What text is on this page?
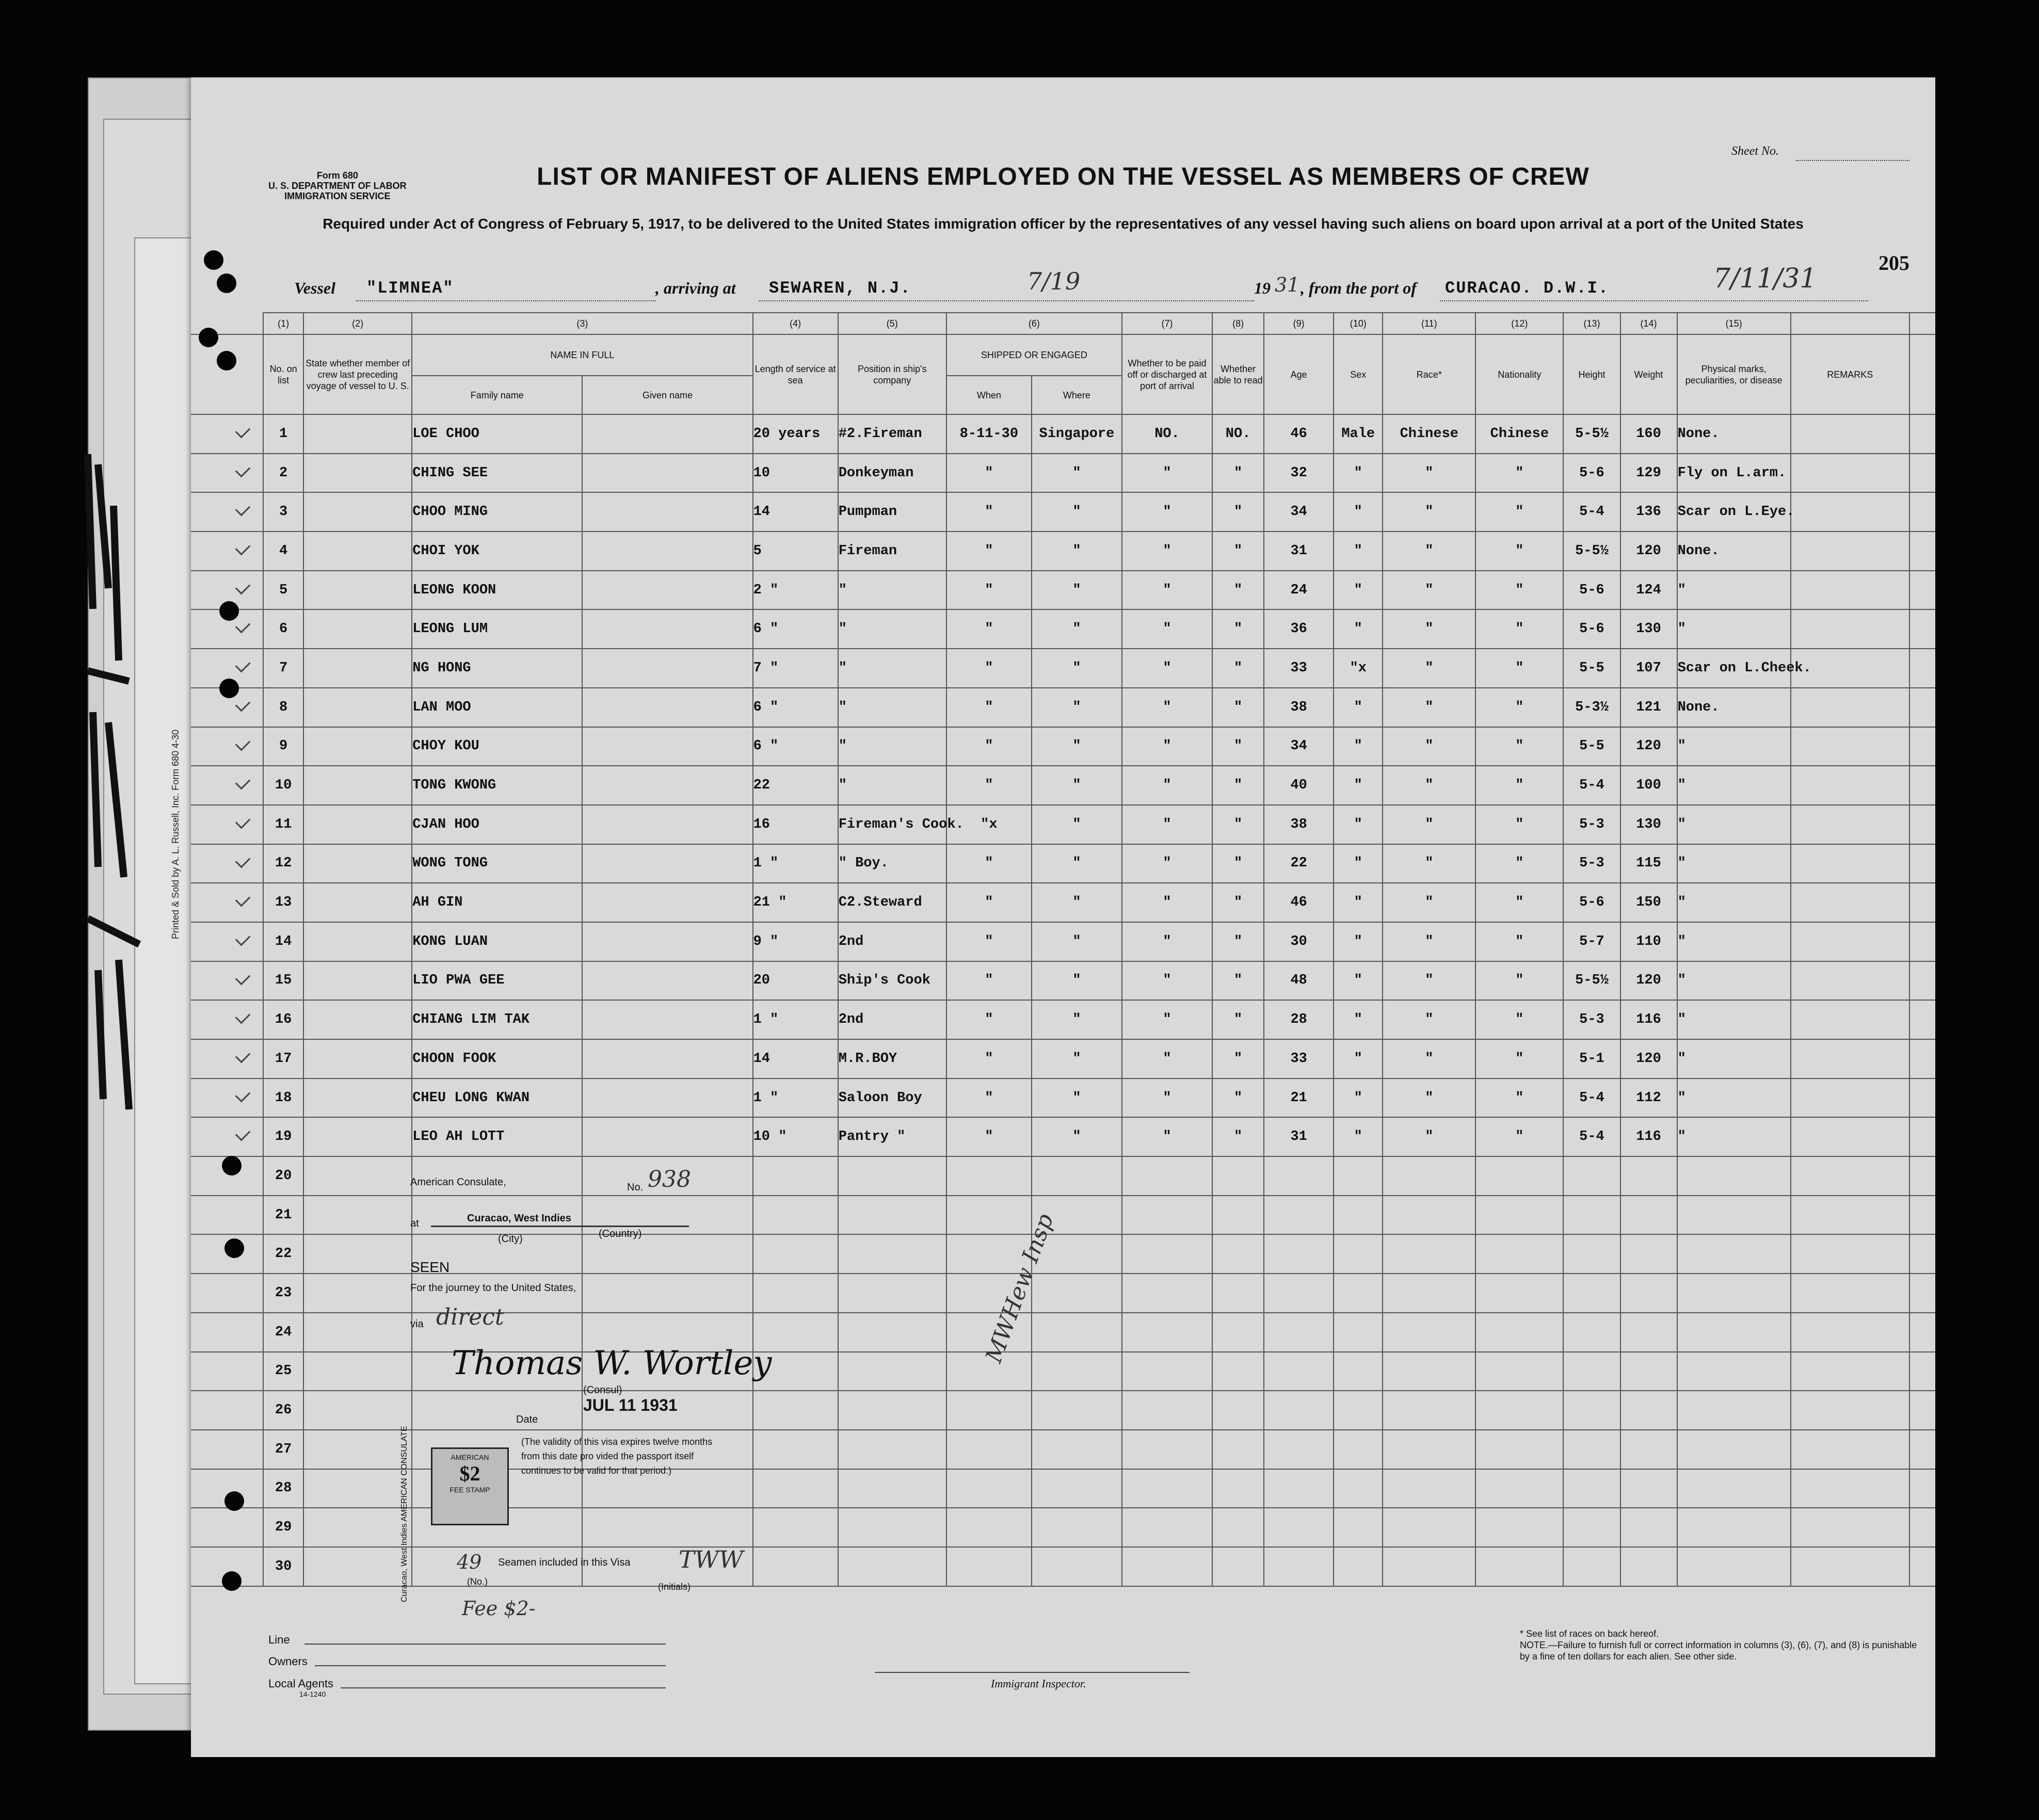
Form 680
U. S. DEPARTMENT OF LABOR
IMMIGRATION SERVICE
Sheet No.
LIST OR MANIFEST OF ALIENS EMPLOYED ON THE VESSEL AS MEMBERS OF CREW
Required under Act of Congress of February 5, 1917, to be delivered to the United States immigration officer by the representatives of any vessel having such aliens on board upon arrival at a port of the United States
205
Vessel "LIMNEA"	, arriving at SEWAREN, N.J.	7/19	19 31 , from the port of CURACAO. D.W.I.	7/11/31
	(1)	(2)	(3)		(4)	(5)	(6)		(7)	(8)	(9)	(10)	(11)	(12)	(13)	(14)	(15)		
	No. on list	State whether member of crew last preceding voyage of vessel to U. S.	NAME IN FULL		Length of service at sea	Position in ship's company	SHIPPED OR ENGAGED		Whether to be paid off or discharged at port of arrival	Whether able to read	Age	Sex	Race*	Nationality	Height	Weight	Physical marks, peculiarities, or disease	REMARKS	
			Family name	Given name			When	Where											

	1		LOE CHOO		20 years	#2.Fireman	8-11-30	Singapore	NO.	NO.	46	Male	Chinese	Chinese	5-5½	160	None.		

	2		CHING SEE		10	Donkeyman	"	"	"	"	32	"	"	"	5-6	129	Fly on L.arm.		

	3		CHOO MING		14	Pumpman	"	"	"	"	34	"	"	"	5-4	136	Scar on L.Eye.		

	4		CHOI YOK		5	Fireman	"	"	"	"	31	"	"	"	5-5½	120	None.		

	5		LEONG KOON		2 "	"	"	"	"	"	24	"	"	"	5-6	124	"		

	6		LEONG LUM		6 "	"	"	"	"	"	36	"	"	"	5-6	130	"		

	7		NG HONG		7 "	"	"	"	"	"	33	"x	"	"	5-5	107	Scar on L.Cheek.		

	8		LAN MOO		6 "	"	"	"	"	"	38	"	"	"	5-3½	121	None.		

	9		CHOY KOU		6 "	"	"	"	"	"	34	"	"	"	5-5	120	"		

	10		TONG KWONG		22	"	"	"	"	"	40	"	"	"	5-4	100	"		

	11		CJAN HOO		16	Fireman's Cook.	"x	"	"	"	38	"	"	"	5-3	130	"		

	12		WONG TONG		1 "	" Boy.	"	"	"	"	22	"	"	"	5-3	115	"		

	13		AH GIN		21 "	C2.Steward	"	"	"	"	46	"	"	"	5-6	150	"		

	14		KONG LUAN		9 "	2nd	"	"	"	"	30	"	"	"	5-7	110	"		

	15		LIO PWA GEE		20	Ship's Cook	"	"	"	"	48	"	"	"	5-5½	120	"		

	16		CHIANG LIM TAK		1 "	2nd	"	"	"	"	28	"	"	"	5-3	116	"		

	17		CHOON FOOK		14	M.R.BOY	"	"	"	"	33	"	"	"	5-1	120	"		

	18		CHEU LONG KWAN		1 "	Saloon Boy	"	"	"	"	21	"	"	"	5-4	112	"		

	19		LEO AH LOTT		10 "	Pantry "	"	"	"	"	31	"	"	"	5-4	116	"		
	20																		
	21																		
	22																		
	23																		
	24																		
	25																		
	26																		
	27																		
	28																		
	29																		
	30																		
American Consulate,	No. 938
at	Curacao, West Indies
(City)	(Country)
SEEN
For the journey to the United States,
via direct
Thomas W. Wortley
(Consul)
Date
JUL 11 1931
(The validity of this visa expires twelve months from this date pro vided the passport itself continues to be valid for that period.)
AMERICAN
$2
FEE STAMP
Curacao, West Indies AMERICAN CONSULATE 49 Seamen included in this Visa
(No.)
TWW
(Initials)
Fee $2-
MWHew Insp
Line
Owners
Local Agents
14-1240
Immigrant Inspector.
* See list of races on back hereof.
NOTE.—Failure to furnish full or correct information in columns (3), (6), (7), and (8) is punishable by a fine of ten dollars for each alien. See other side.
Printed & Sold by A. L. Russell, Inc. Form 680 4-30
